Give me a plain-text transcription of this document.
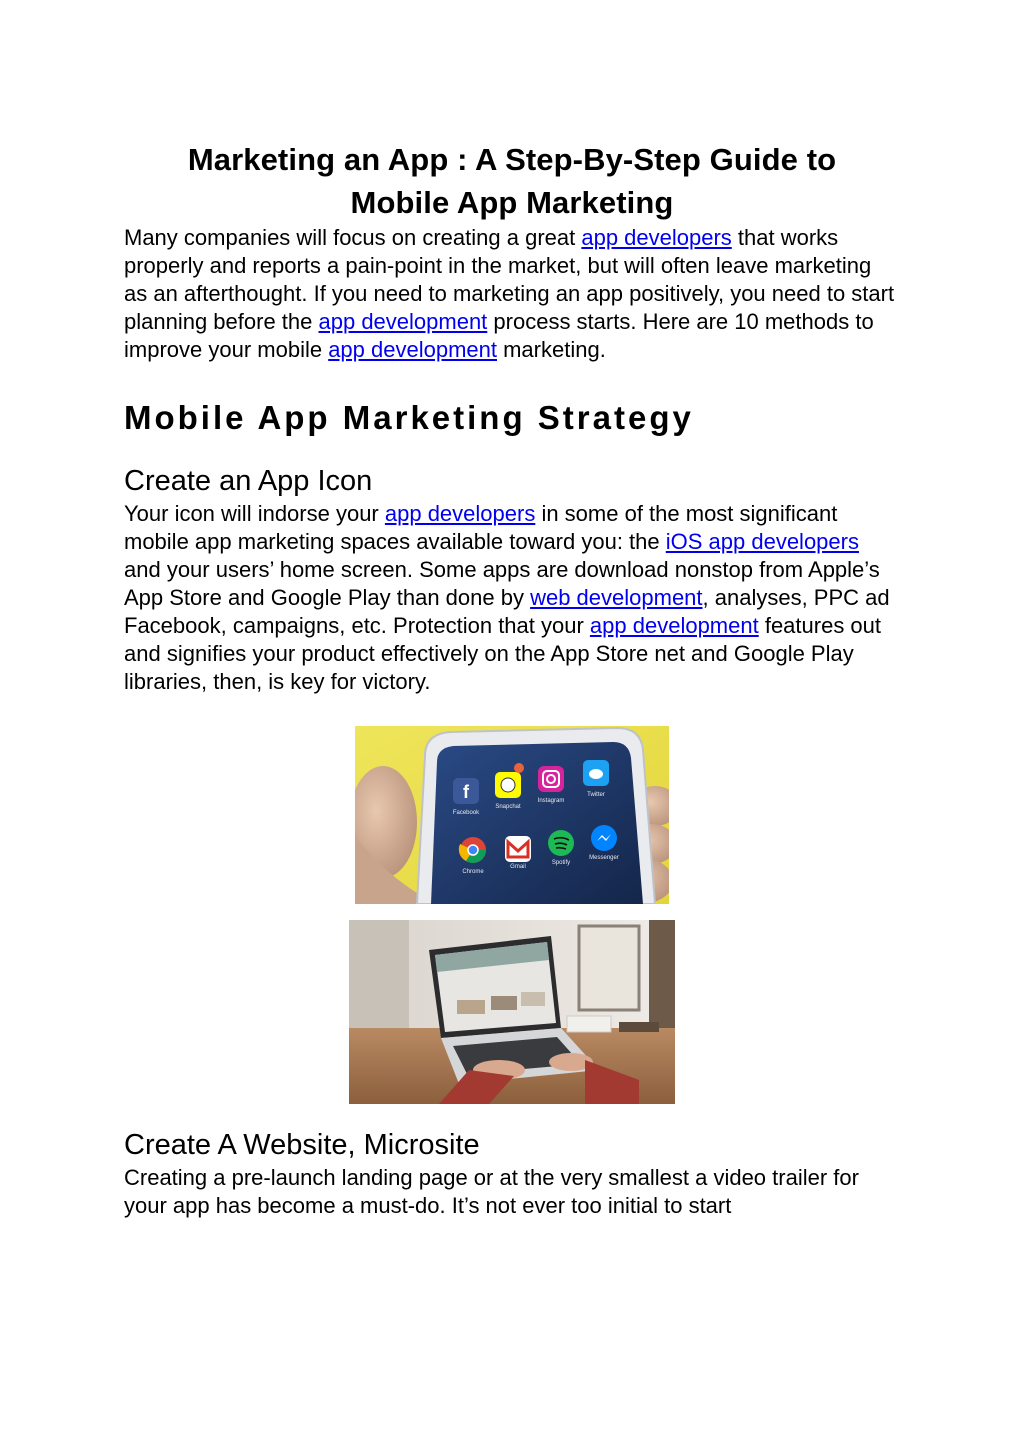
Marketing an App : A Step-By-Step Guide to
Mobile App Marketing

Many companies will focus on creating a great app developers that works properly and reports a pain-point in the market, but will often leave marketing as an afterthought. If you need to marketing an app positively, you need to start planning before the app development process starts. Here are 10 methods to improve your mobile app development marketing.

Mobile App Marketing Strategy
Create an App Icon

Your icon will indorse your app developers in some of the most significant mobile app marketing spaces available toward you: the iOS app developers and your users’ home screen. Some apps are download nonstop from Apple’s App Store and Google Play than done by web development, analyses, PPC ad Facebook, campaigns, etc. Protection that your app development features out and signifies your product effectively on the App Store net and Google Play libraries, then, is key for victory.

f
Facebook
Snapchat
Instagram
Twitter
Chrome
Gmail
Spotify
Messenger
Create A Website, Microsite

Creating a pre-launch landing page or at the very smallest a video trailer for your app has become a must-do. It’s not ever too initial to start
